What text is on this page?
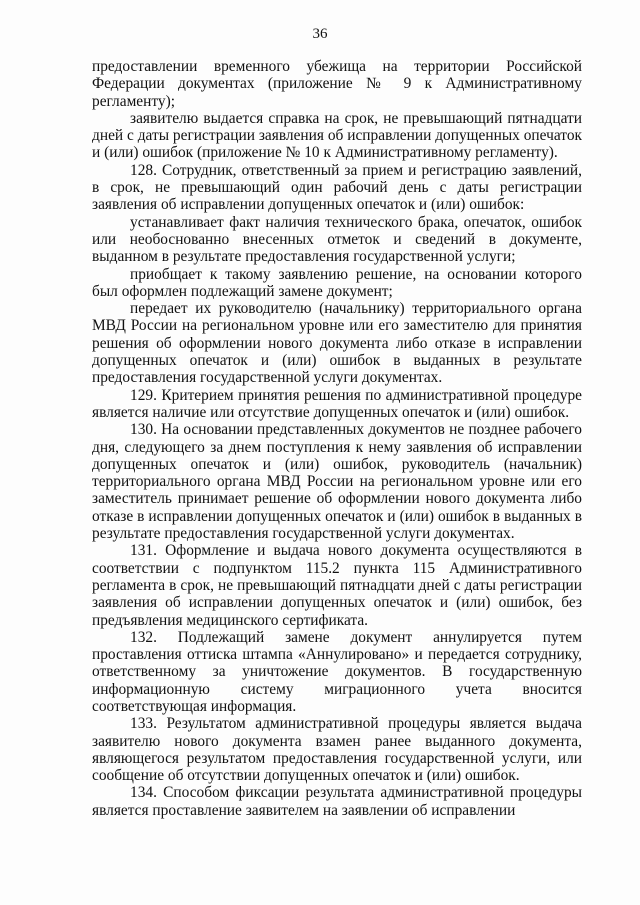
36

предоставлении временного убежища на территории Российской Федерации документах (приложение № 9 к Административному регламенту);

заявителю выдается справка на срок, не превышающий пятнадцати дней с даты регистрации заявления об исправлении допущенных опечаток и (или) ошибок (приложение № 10 к Административному регламенту).

128. Сотрудник, ответственный за прием и регистрацию заявлений, в срок, не превышающий один рабочий день с даты регистрации заявления об исправлении допущенных опечаток и (или) ошибок:

устанавливает факт наличия технического брака, опечаток, ошибок или необоснованно внесенных отметок и сведений в документе, выданном в результате предоставления государственной услуги;

приобщает к такому заявлению решение, на основании которого был оформлен подлежащий замене документ;

передает их руководителю (начальнику) территориального органа МВД России на региональном уровне или его заместителю для принятия решения об оформлении нового документа либо отказе в исправлении допущенных опечаток и (или) ошибок в выданных в результате предоставления государственной услуги документах.

129. Критерием принятия решения по административной процедуре является наличие или отсутствие допущенных опечаток и (или) ошибок.

130. На основании представленных документов не позднее рабочего дня, следующего за днем поступления к нему заявления об исправлении допущенных опечаток и (или) ошибок, руководитель (начальник) территориального органа МВД России на региональном уровне или его заместитель принимает решение об оформлении нового документа либо отказе в исправлении допущенных опечаток и (или) ошибок в выданных в результате предоставления государственной услуги документах.

131. Оформление и выдача нового документа осуществляются в соответствии с подпунктом 115.2 пункта 115 Административного регламента в срок, не превышающий пятнадцати дней с даты регистрации заявления об исправлении допущенных опечаток и (или) ошибок, без предъявления медицинского сертификата.

132. Подлежащий замене документ аннулируется путем проставления оттиска штампа «Аннулировано» и передается сотруднику, ответственному за уничтожение документов. В государственную информационную систему миграционного учета вносится соответствующая информация.

133. Результатом административной процедуры является выдача заявителю нового документа взамен ранее выданного документа, являющегося результатом предоставления государственной услуги, или сообщение об отсутствии допущенных опечаток и (или) ошибок.

134. Способом фиксации результата административной процедуры является проставление заявителем на заявлении об исправлении
